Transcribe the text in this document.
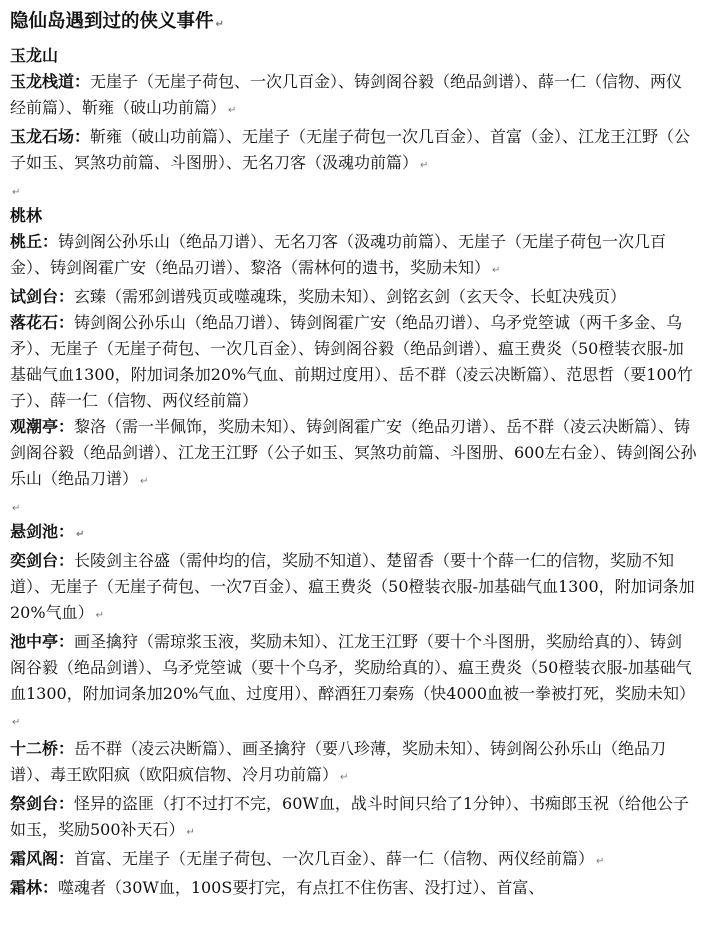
隐仙岛遇到过的侠义事件 ↵
玉龙山

玉龙栈道：无崖子（无崖子荷包、一次几百金）、铸剑阁谷毅（绝品剑谱）、薛一仁（信物、两仪经前篇）、靳雍（破山功前篇） ↵

玉龙石场：靳雍（破山功前篇）、无崖子（无崖子荷包一次几百金）、首富（金）、江龙王江野（公子如玉、冥煞功前篇、斗图册）、无名刀客（汲魂功前篇） ↵

↵
桃林

桃丘：铸剑阁公孙乐山（绝品刀谱）、无名刀客（汲魂功前篇）、无崖子（无崖子荷包一次几百金）、铸剑阁霍广安（绝品刃谱）、黎洛（需林何的遗书，奖励未知） ↵

试剑台：玄臻（需邪剑谱残页或噬魂珠，奖励未知）、剑铭玄剑（玄天令、长虹决残页）

落花石：铸剑阁公孙乐山（绝品刀谱）、铸剑阁霍广安（绝品刃谱）、乌矛党箜诚（两千多金、乌矛）、无崖子（无崖子荷包、一次几百金）、铸剑阁谷毅（绝品剑谱）、瘟王费炎（50橙装衣服-加基础气血1300，附加词条加20%气血、前期过度用）、岳不群（凌云决断篇）、范思哲（要100竹子）、薛一仁（信物、两仪经前篇）

观潮亭：黎洛（需一半佩饰，奖励未知）、铸剑阁霍广安（绝品刃谱）、岳不群（凌云决断篇）、铸剑阁谷毅（绝品剑谱）、江龙王江野（公子如玉、冥煞功前篇、斗图册、600左右金）、铸剑阁公孙乐山（绝品刀谱） ↵

↵
悬剑池： ↵

奕剑台：长陵剑主谷盛（需仲均的信，奖励不知道）、楚留香（要十个薛一仁的信物，奖励不知道）、无崖子（无崖子荷包、一次7百金）、瘟王费炎（50橙装衣服-加基础气血1300，附加词条加20%气血） ↵

池中亭：画圣擒狩（需琼浆玉液，奖励未知）、江龙王江野（要十个斗图册，奖励给真的）、铸剑阁谷毅（绝品剑谱）、乌矛党箜诚（要十个乌矛，奖励给真的）、瘟王费炎（50橙装衣服-加基础气血1300，附加词条加20%气血、过度用）、醉酒狂刀秦殇（快4000血被一拳被打死，奖励未知）↵

十二桥：岳不群（凌云决断篇）、画圣擒狩（要八珍薄，奖励未知）、铸剑阁公孙乐山（绝品刀谱）、毒王欧阳疯（欧阳疯信物、冷月功前篇） ↵

祭剑台：怪异的盗匪（打不过打不完，60W血，战斗时间只给了1分钟）、书痴郎玉祝（给他公子如玉，奖励500补天石） ↵

霜风阁：首富、无崖子（无崖子荷包、一次几百金）、薛一仁（信物、两仪经前篇） ↵

霜林：噬魂者（30W血，100S要打完，有点扛不住伤害、没打过）、首富、
